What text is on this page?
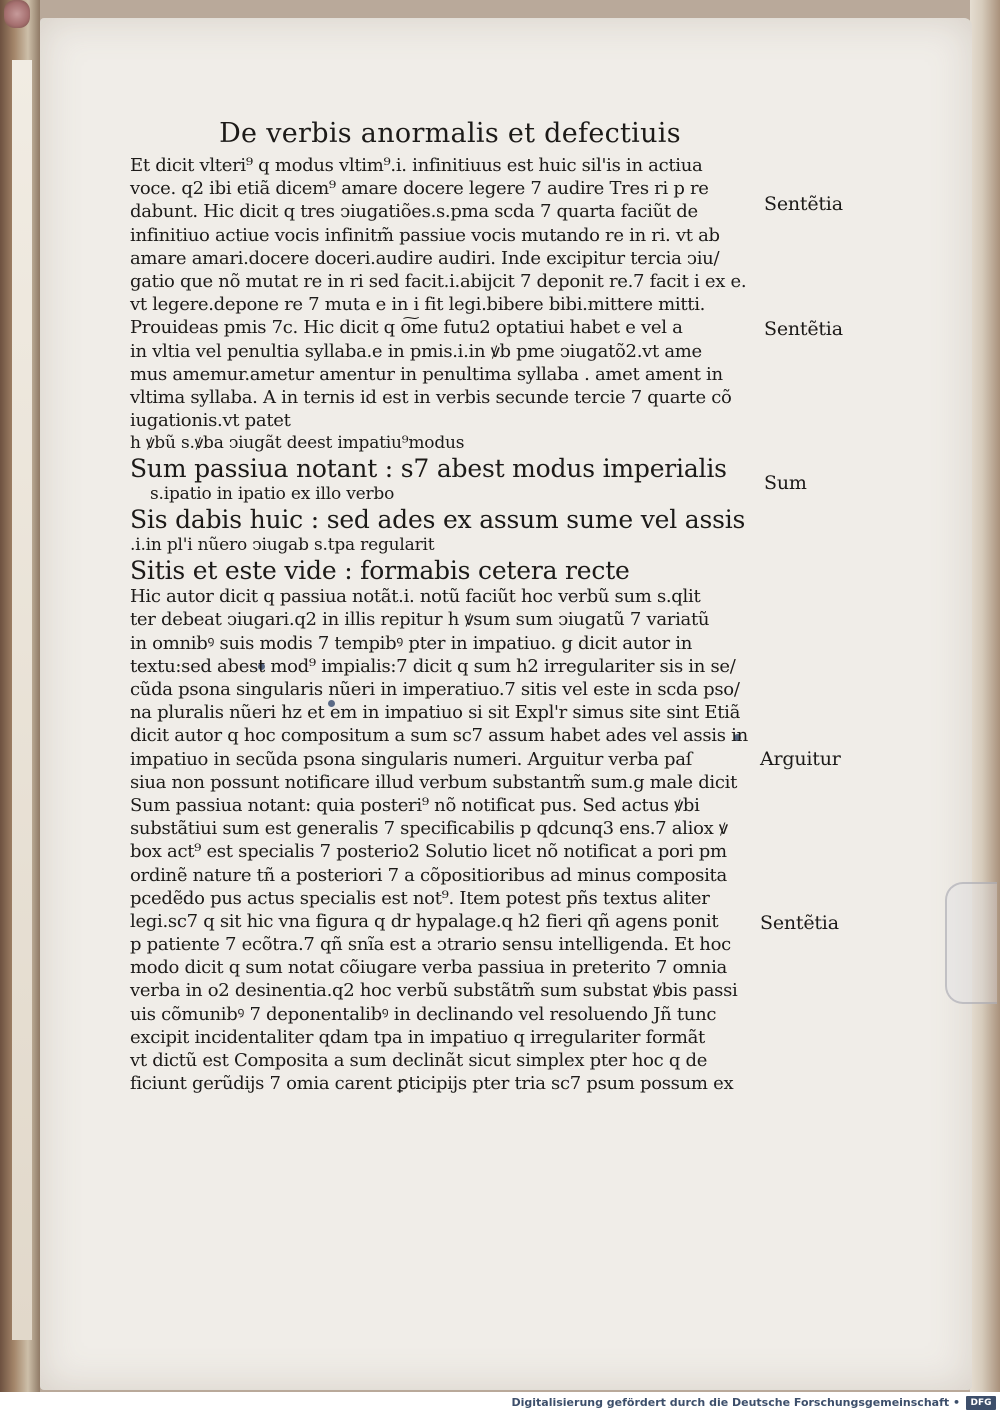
De verbis anormalis et defectiuis
Et dicit vlteri⁹ q modus vltim⁹.i. infinitiuus est huic sil'is in actiua
voce. q2 ibi etiã dicem⁹ amare docere legere 7 audire Tres ri p re
dabunt. Hic dicit q tres ↄiugatiões.s.pma scda 7 quarta faciũt de
infinitiuo actiue vocis infinitm̃ passiue vocis mutando re in ri. vt ab
amare amari.docere doceri.audire audiri. Inde excipitur tercia ↄiu/
gatio que nõ mutat re in ri sed facit.i.abijcit 7 deponit re.7 facit i ex e.
vt legere.depone re 7 muta e in i fit legi.bibere bibi.mittere mitti.
Prouideas pmis 7c. Hic dicit q o͠me futu2 optatiui habet e vel a
in vltia vel penultia syllaba.e in pmis.i.in ꝟb pme ↄiugatõ2.vt ame
mus amemur.ametur amentur in penultima syllaba . amet ament in
vltima syllaba. A in ternis id est in verbis secunde tercie 7 quarte cõ
iugationis.vt patet
h ꝟbũ s.ꝟba ↄiugãt deest impatiu⁹modus
Sum passiua notant : s7 abest modus imperialis
s.ipatio in ipatio ex illo verbo
Sis dabis huic : sed ades ex assum sume vel assis
.i.in pl'i nũero ↄiugab s.tpa regularit
Sitis et este vide : formabis cetera recte
Hic autor dicit q passiua notãt.i. notũ faciũt hoc verbũ sum s.qlit
ter debeat ↄiugari.q2 in illis repitur h ꝟsum sum ↄiugatũ 7 variatũ
in omnibꝰ suis modis 7 tempibꝰ pter in impatiuo. g dicit autor in
textu:sed abest mod⁹ impialis:7 dicit q sum h2 irregulariter sis in se/
cũda psona singularis nũeri in imperatiuo.7 sitis vel este in scda pso/
na pluralis nũeri hz et em in impatiuo si sit Expl'r simus site sint Etiã
dicit autor q hoc compositum a sum sc7 assum habet ades vel assis in
impatiuo in secũda psona singularis numeri. Arguitur verba paſ
siua non possunt notificare illud verbum substantm̃ sum.g male dicit
Sum passiua notant: quia posteri⁹ nõ notificat pus. Sed actus ꝟbi
substãtiui sum est generalis 7 specificabilis p qdcunq3 ens.7 aliox ꝟ
box act⁹ est specialis 7 posterio2 Solutio licet nõ notificat a pori pm
ordinẽ nature tñ a posteriori 7 a cõpositioribus ad minus composita
pcedẽdo pus actus specialis est not⁹. Item potest pñs textus aliter
legi.sc7 q sit hic vna figura q dr hypalage.q h2 fieri qñ agens ponit
p patiente 7 ecõtra.7 qñ snĩa est a ↄtrario sensu intelligenda. Et hoc
modo dicit q sum notat cõiugare verba passiua in preterito 7 omnia
verba in o2 desinentia.q2 hoc verbũ substãtm̃ sum substat ꝟbis passi
uis cõmunibꝰ 7 deponentalibꝰ in declinando vel resoluendo Jñ tunc
excipit incidentaliter qdam tpa in impatiuo q irregulariter formãt
vt dictũ est Composita a sum declinãt sicut simplex pter hoc q de
ficiunt gerũdijs 7 omia carent ꝑticipijs pter tria sc7 psum possum ex
Sentẽtia
Sentẽtia
Sum
Arguitur
Sentẽtia
Digitalisierung gefördert durch die Deutsche Forschungsgemeinschaft •	DFG
